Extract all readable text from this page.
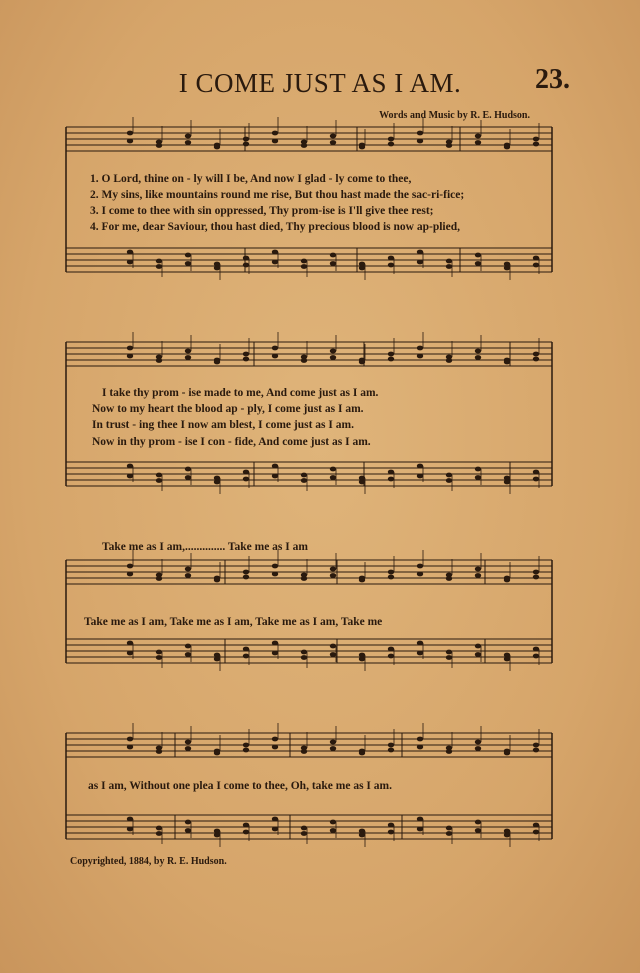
I COME JUST AS I AM.	23.
Words and Music by R. E. Hudson.
1. O Lord, thine on - ly will I be, And now I glad - ly come to thee,
2. My sins, like mountains round me rise, But thou hast made the sac-ri-fice;
3. I come to thee with sin oppressed, Thy prom-ise is I'll give thee rest;
4. For me, dear Saviour, thou hast died, Thy precious blood is now ap-plied,
I take thy prom - ise made to me, And come just as I am.
Now to my heart the blood ap - ply, I come just as I am.
In trust - ing thee I now am blest, I come just as I am.
Now in thy prom - ise I con - fide, And come just as I am.
Take me as I am,.............. Take me as I am
Take me as I am, Take me as I am, Take me as I am, Take me
as I am, Without one plea I come to thee, Oh, take me as I am.
Copyrighted, 1884, by R. E. Hudson.
